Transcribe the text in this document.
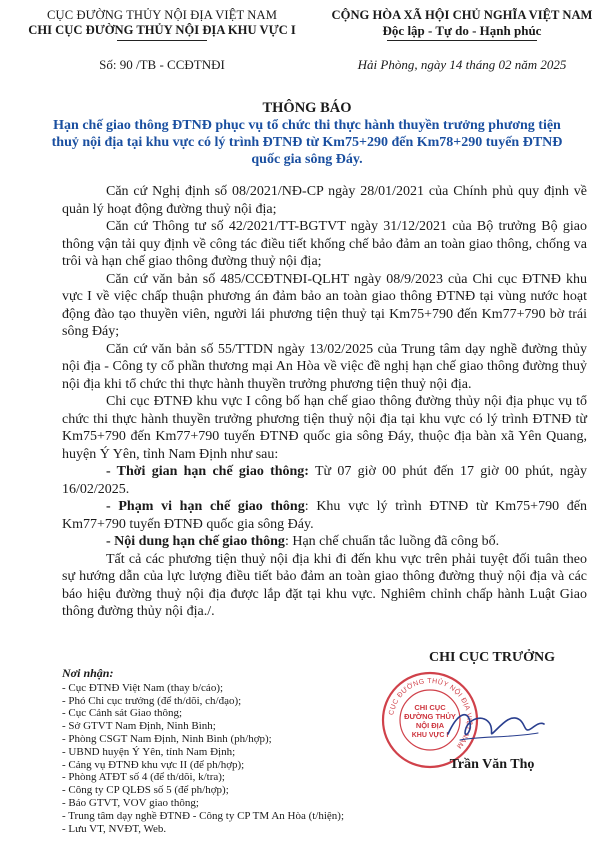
CỤC ĐƯỜNG THỦY NỘI ĐỊA VIỆT NAM
CHI CỤC ĐƯỜNG THỦY NỘI ĐỊA KHU VỰC I
Số: 90 /TB - CCĐTNĐI
CỘNG HÒA XÃ HỘI CHỦ NGHĨA VIỆT NAM
Độc lập - Tự do - Hạnh phúc
Hải Phòng, ngày 14 tháng 02 năm 2025
THÔNG BÁO
Hạn chế giao thông ĐTNĐ phục vụ tổ chức thi thực hành thuyền trưởng phương tiện thuỷ nội địa tại khu vực có lý trình ĐTNĐ từ Km75+290 đến Km78+290 tuyến ĐTNĐ quốc gia sông Đáy.

Căn cứ Nghị định số 08/2021/NĐ-CP ngày 28/01/2021 của Chính phủ quy định về quản lý hoạt động đường thuỷ nội địa;

Căn cứ Thông tư số 42/2021/TT-BGTVT ngày 31/12/2021 của Bộ trưởng Bộ giao thông vận tải quy định về công tác điều tiết khống chế bảo đảm an toàn giao thông, chống va trôi và hạn chế giao thông đường thuỷ nội địa;

Căn cứ văn bản số 485/CCĐTNĐI-QLHT ngày 08/9/2023 của Chi cục ĐTNĐ khu vực I về việc chấp thuận phương án đảm bảo an toàn giao thông ĐTNĐ tại vùng nước hoạt động đào tạo thuyền viên, người lái phương tiện thuỷ tại Km75+790 đến Km77+790 bờ trái sông Đáy;

Căn cứ văn bản số 55/TTDN ngày 13/02/2025 của Trung tâm dạy nghề đường thủy nội địa - Công ty cổ phần thương mại An Hòa về việc đề nghị hạn chế giao thông đường thuỷ nội địa khi tổ chức thi thực hành thuyền trưởng phương tiện thuỷ nội địa.

Chi cục ĐTNĐ khu vực I công bố hạn chế giao thông đường thủy nội địa phục vụ tổ chức thi thực hành thuyền trưởng phương tiện thuỷ nội địa tại khu vực có lý trình ĐTNĐ từ Km75+790 đến Km77+790 tuyến ĐTNĐ quốc gia sông Đáy, thuộc địa bàn xã Yên Quang, huyện Ý Yên, tỉnh Nam Định như sau:

- Thời gian hạn chế giao thông: Từ 07 giờ 00 phút đến 17 giờ 00 phút, ngày 16/02/2025.

- Phạm vi hạn chế giao thông: Khu vực lý trình ĐTNĐ từ Km75+790 đến Km77+790 tuyến ĐTNĐ quốc gia sông Đáy.

- Nội dung hạn chế giao thông: Hạn chế chuẩn tắc luồng đã công bố.

Tất cả các phương tiện thuỷ nội địa khi đi đến khu vực trên phải tuyệt đối tuân theo sự hướng dẫn của lực lượng điều tiết bảo đảm an toàn giao thông đường thuỷ nội địa và các báo hiệu đường thuỷ nội địa được lắp đặt tại khu vực. Nghiêm chỉnh chấp hành Luật Giao thông đường thủy nội địa./.

Nơi nhận:
- Cục ĐTNĐ Việt Nam (thay b/cáo);
- Phó Chi cục trưởng (để th/dõi, ch/đạo);
- Cục Cảnh sát Giao thông;
- Sở GTVT Nam Định, Ninh Bình;
- Phòng CSGT Nam Định, Ninh Bình (ph/hợp);
- UBND huyện Ý Yên, tỉnh Nam Định;
- Cảng vụ ĐTNĐ khu vực II (để ph/hợp);
- Phòng ATĐT số 4 (để th/dõi, k/tra);
- Công ty CP QLĐS số 5 (để ph/hợp);
- Báo GTVT, VOV giao thông;
- Trung tâm dạy nghề ĐTNĐ - Công ty CP TM An Hòa (t/hiện);
- Lưu VT, NVĐT, Web.
CHI CỤC TRƯỞNG
CỤC ĐƯỜNG THỦY NỘI ĐỊA VIỆT NAM
CHI CỤC
ĐƯỜNG THỦY
NỘI ĐỊA
KHU VỰC I
Trần Văn Thọ
